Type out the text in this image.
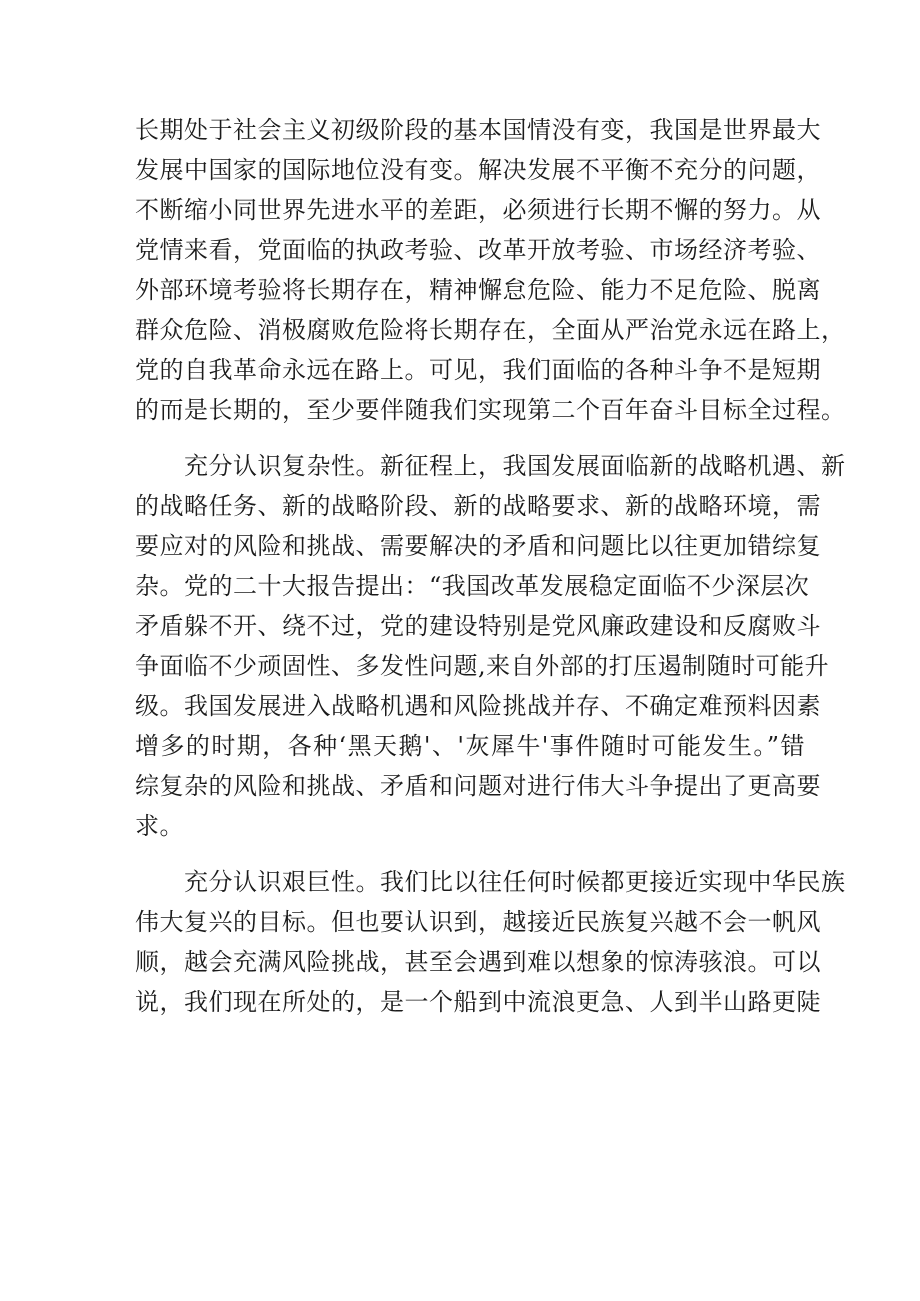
长期处于社会主义初级阶段的基本国情没有变，我国是世界最大
发展中国家的国际地位没有变。解决发展不平衡不充分的问题，
不断缩小同世界先进水平的差距，必须进行长期不懈的努力。从
党情来看，党面临的执政考验、改革开放考验、市场经济考验、
外部环境考验将长期存在，精神懈怠危险、能力不足危险、脱离
群众危险、消极腐败危险将长期存在，全面从严治党永远在路上，
党的自我革命永远在路上。可见，我们面临的各种斗争不是短期
的而是长期的，至少要伴随我们实现第二个百年奋斗目标全过程。
　　充分认识复杂性。新征程上，我国发展面临新的战略机遇、新
的战略任务、新的战略阶段、新的战略要求、新的战略环境，需
要应对的风险和挑战、需要解决的矛盾和问题比以往更加错综复
杂。党的二十大报告提出：“我国改革发展稳定面临不少深层次
矛盾躲不开、绕不过，党的建设特别是党风廉政建设和反腐败斗
争面临不少顽固性、多发性问题,来自外部的打压遏制随时可能升
级。我国发展进入战略机遇和风险挑战并存、不确定难预料因素
增多的时期，各种‘黑天鹅'、'灰犀牛'事件随时可能发生。”错
综复杂的风险和挑战、矛盾和问题对进行伟大斗争提出了更高要
求。
　　充分认识艰巨性。我们比以往任何时候都更接近实现中华民族
伟大复兴的目标。但也要认识到，越接近民族复兴越不会一帆风
顺，越会充满风险挑战，甚至会遇到难以想象的惊涛骇浪。可以
说，我们现在所处的，是一个船到中流浪更急、人到半山路更陡
